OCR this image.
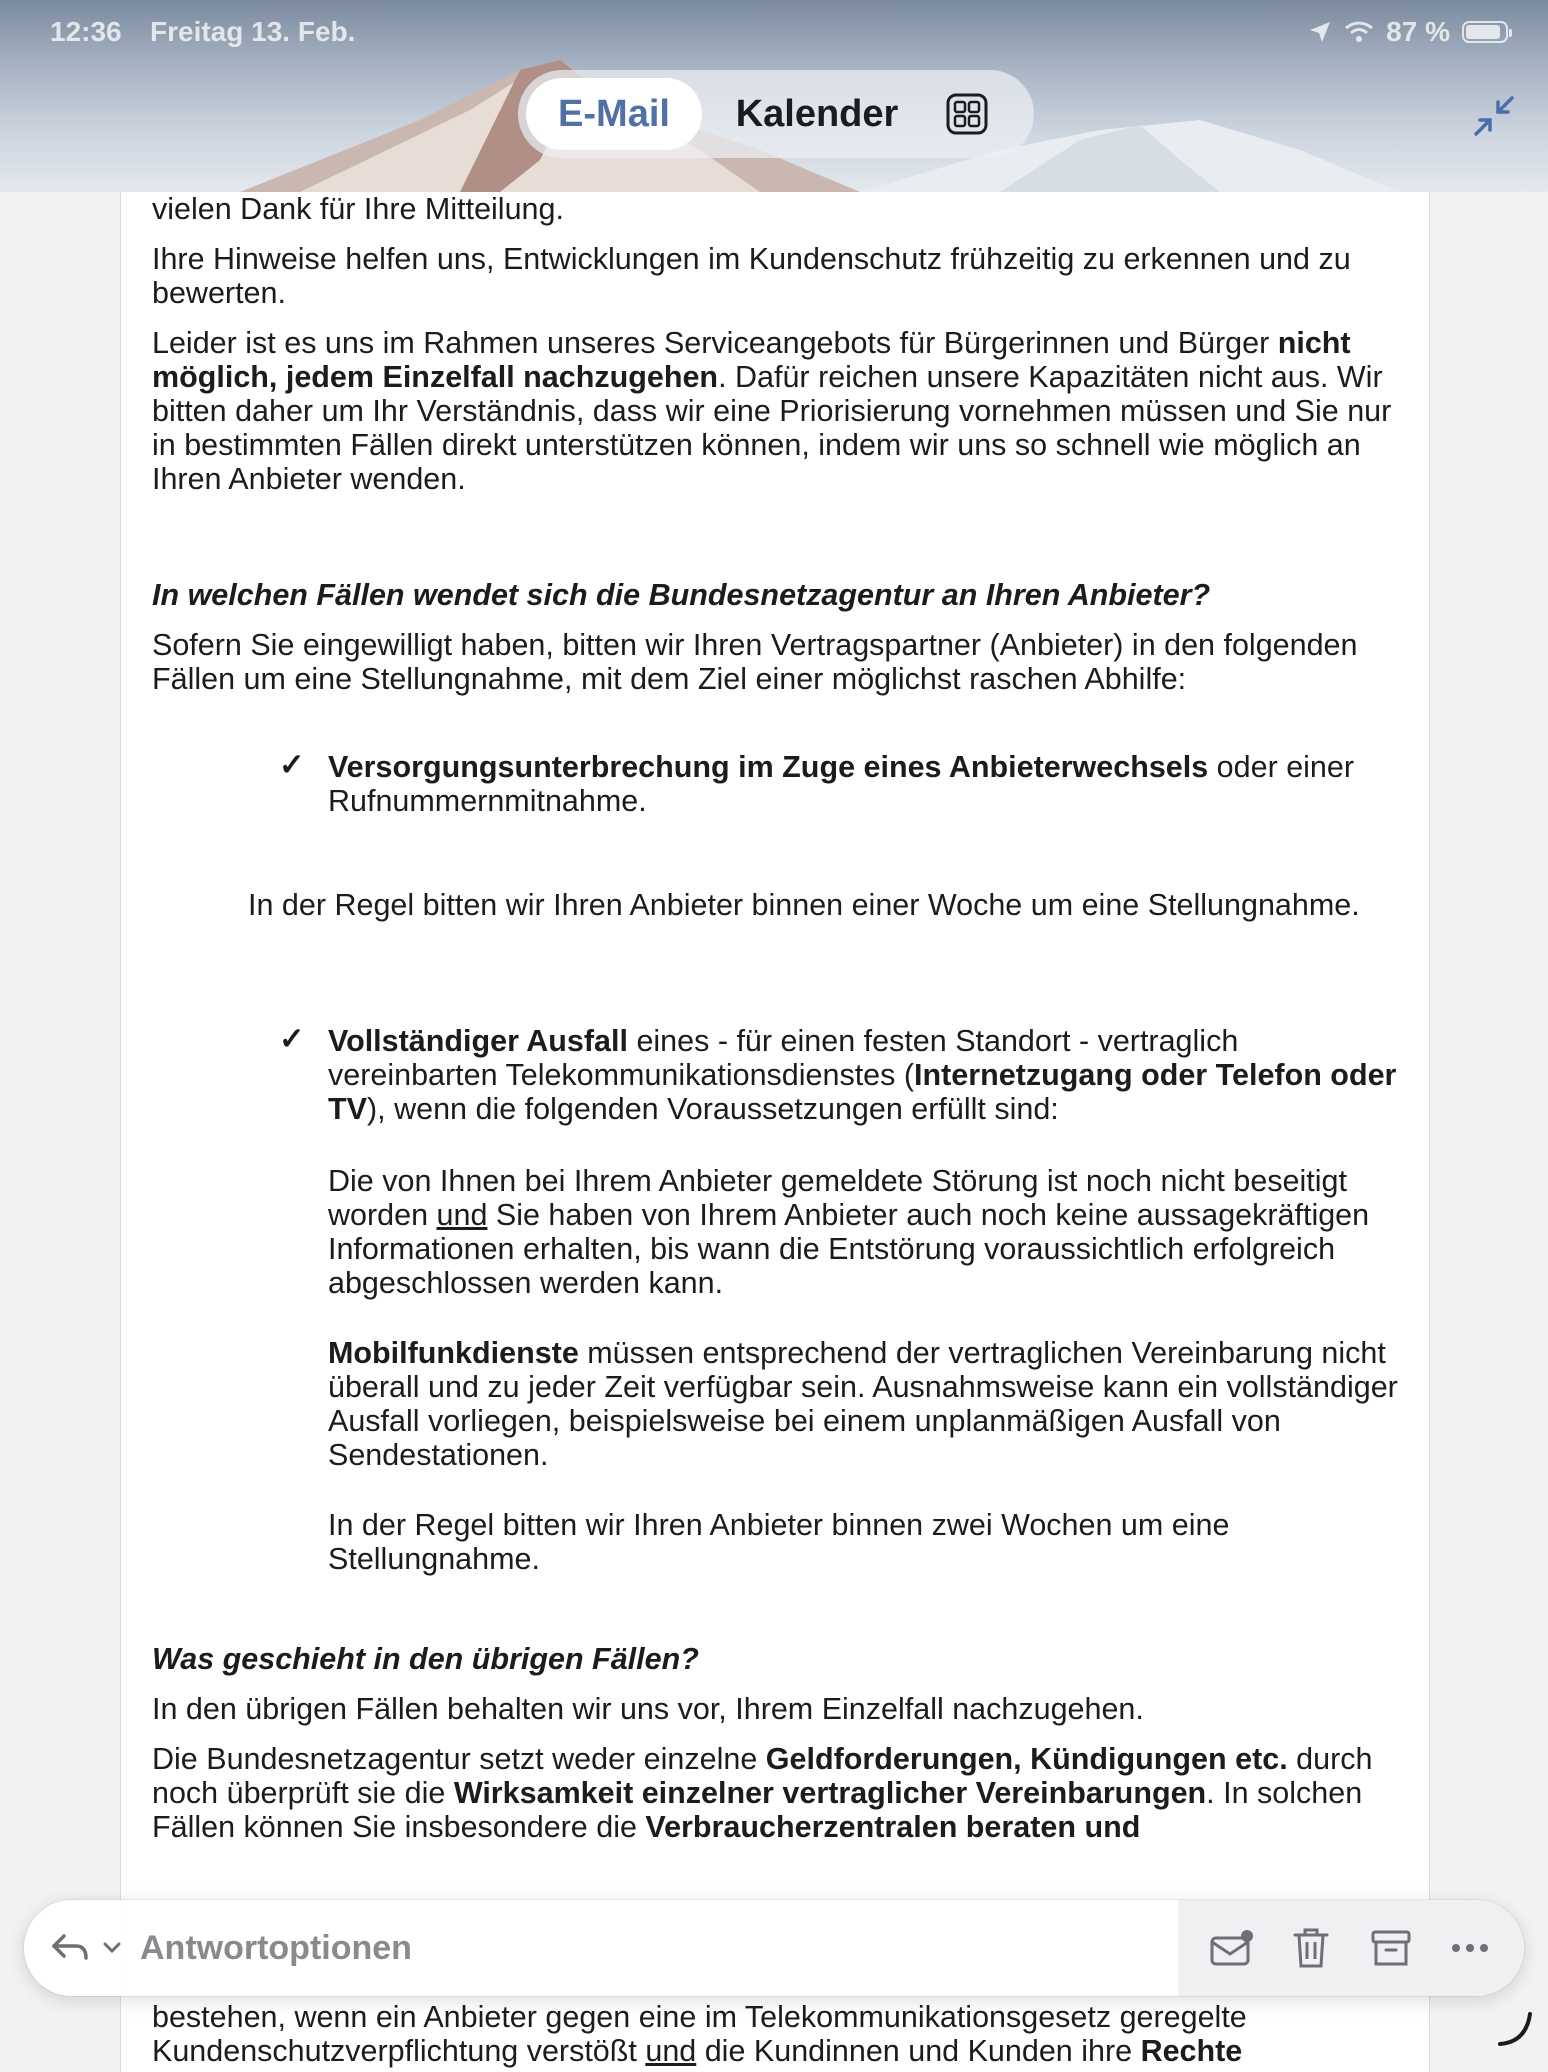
12:36 Freitag 13. Feb.	87 %
E-Mail	Kalender

vielen Dank für Ihre Mitteilung.

Ihre Hinweise helfen uns, Entwicklungen im Kundenschutz frühzeitig zu erkennen und zu bewerten.

Leider ist es uns im Rahmen unseres Serviceangebots für Bürgerinnen und Bürger nicht möglich, jedem Einzelfall nachzugehen. Dafür reichen unsere Kapazitäten nicht aus. Wir bitten daher um Ihr Verständnis, dass wir eine Priorisierung vornehmen müssen und Sie nur in bestimmten Fällen direkt unterstützen können, indem wir uns so schnell wie möglich an Ihren Anbieter wenden.

In welchen Fällen wendet sich die Bundesnetzagentur an Ihren Anbieter?

Sofern Sie eingewilligt haben, bitten wir Ihren Vertragspartner (Anbieter) in den folgenden Fällen um eine Stellungnahme, mit dem Ziel einer möglichst raschen Abhilfe:

✓ Versorgungsunterbrechung im Zuge eines Anbieterwechsels oder einer Rufnummernmitnahme.

In der Regel bitten wir Ihren Anbieter binnen einer Woche um eine Stellungnahme.

✓ Vollständiger Ausfall eines - für einen festen Standort - vertraglich vereinbarten Telekommunikationsdienstes (Internetzugang oder Telefon oder TV), wenn die folgenden Voraussetzungen erfüllt sind:

Die von Ihnen bei Ihrem Anbieter gemeldete Störung ist noch nicht beseitigt worden und Sie haben von Ihrem Anbieter auch noch keine aussagekräftigen Informationen erhalten, bis wann die Entstörung voraussichtlich erfolgreich abgeschlossen werden kann.

Mobilfunkdienste müssen entsprechend der vertraglichen Vereinbarung nicht überall und zu jeder Zeit verfügbar sein. Ausnahmsweise kann ein vollständiger Ausfall vorliegen, beispielsweise bei einem unplanmäßigen Ausfall von Sendestationen.

In der Regel bitten wir Ihren Anbieter binnen zwei Wochen um eine Stellungnahme.

Was geschieht in den übrigen Fällen?

In den übrigen Fällen behalten wir uns vor, Ihrem Einzelfall nachzugehen.

Die Bundesnetzagentur setzt weder einzelne Geldforderungen, Kündigungen etc. durch noch überprüft sie die Wirksamkeit einzelner vertraglicher Vereinbarungen. In solchen Fällen können Sie insbesondere die Verbraucherzentralen beraten und

bestehen, wenn ein Anbieter gegen eine im Telekommunikationsgesetz geregelte Kundenschutzverpflichtung verstößt und die Kundinnen und Kunden ihre Rechte
Antwortoptionen
